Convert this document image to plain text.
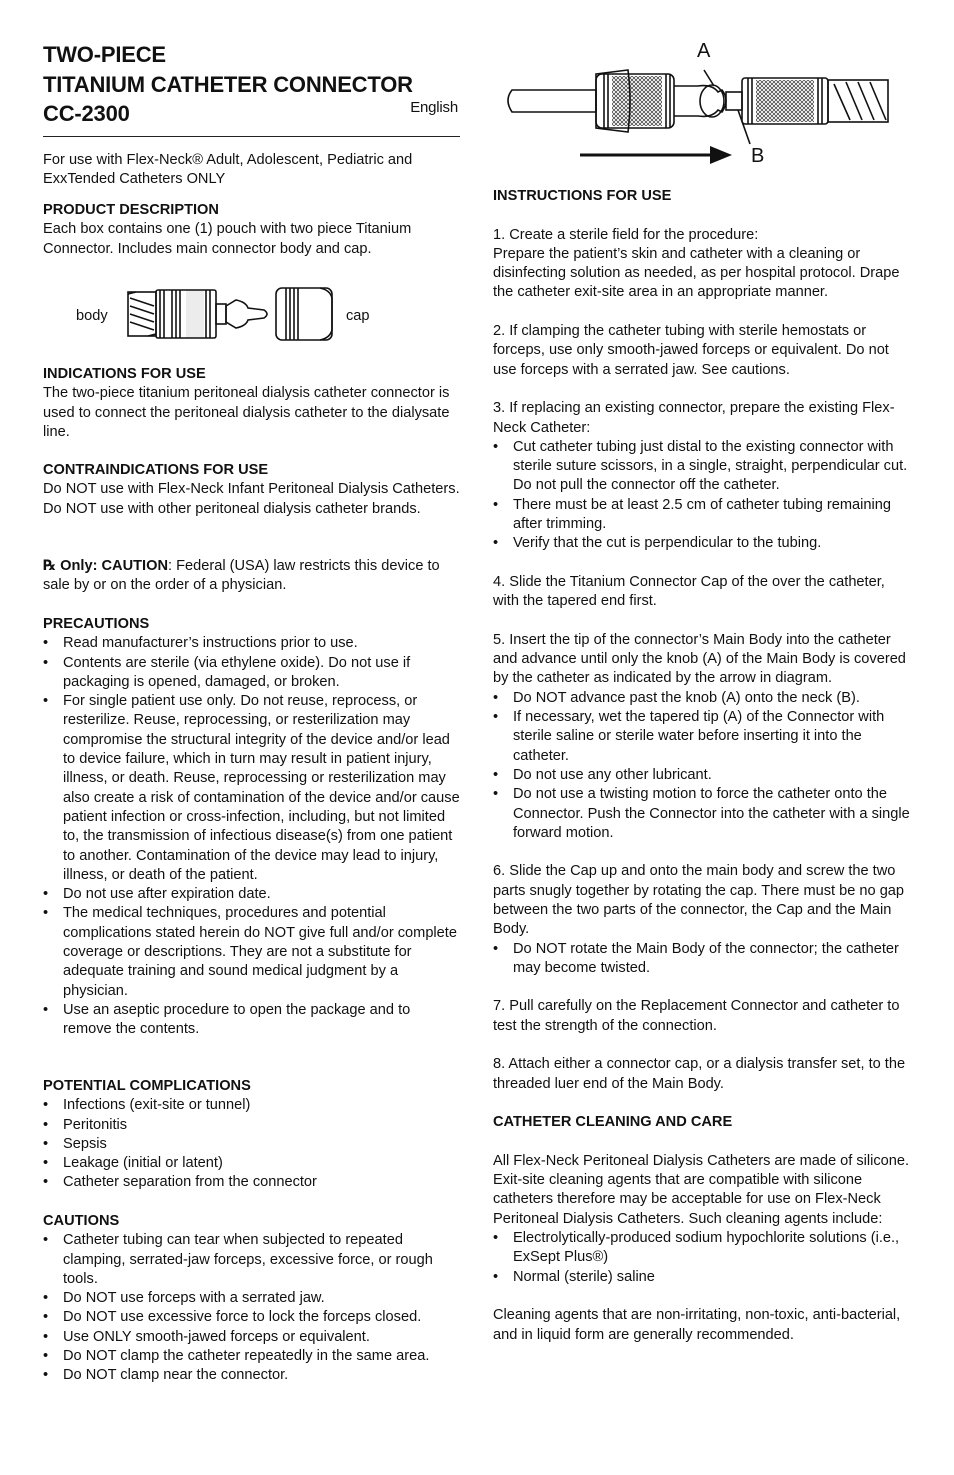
TWO-PIECE
TITANIUM CATHETER CONNECTOR
CC-2300	English
For use with Flex-Neck® Adult, Adolescent, Pediatric and ExxTended Catheters ONLY

PRODUCT DESCRIPTION

Each box contains one (1) pouch with two piece Titanium Connector. Includes main connector body and cap.

body	cap

INDICATIONS FOR USE

The two-piece titanium peritoneal dialysis catheter connector is used to connect the peritoneal dialysis catheter to the dialysate line.

CONTRAINDICATIONS FOR USE

Do NOT use with Flex-Neck Infant Peritoneal Dialysis Catheters. Do NOT use with other peritoneal dialysis catheter brands.

℞ Only: CAUTION: Federal (USA) law restricts this device to sale by or on the order of a physician.

PRECAUTIONS

• Read manufacturer’s instructions prior to use.
• Contents are sterile (via ethylene oxide). Do not use if packaging is opened, damaged, or broken.
• For single patient use only. Do not reuse, reprocess, or resterilize. Reuse, reprocessing, or resterilization may compromise the structural integrity of the device and/or lead to device failure, which in turn may result in patient injury, illness, or death. Reuse, reprocessing or resterilization may also create a risk of contamination of the device and/or cause patient infection or cross-infection, including, but not limited to, the transmission of infectious disease(s) from one patient to another. Contamination of the device may lead to injury, illness, or death of the patient.
• Do not use after expiration date.
• The medical techniques, procedures and potential complications stated herein do NOT give full and/or complete coverage or descriptions. They are not a substitute for adequate training and sound medical judgment by a physician.
• Use an aseptic procedure to open the package and to remove the contents.

POTENTIAL COMPLICATIONS

• Infections (exit-site or tunnel)
• Peritonitis
• Sepsis
• Leakage (initial or latent)
• Catheter separation from the connector

CAUTIONS

• Catheter tubing can tear when subjected to repeated clamping, serrated-jaw forceps, excessive force, or rough tools.
• Do NOT use forceps with a serrated jaw.
• Do NOT use excessive force to lock the forceps closed.
• Use ONLY smooth-jawed forceps or equivalent.
• Do NOT clamp the catheter repeatedly in the same area.
• Do NOT clamp near the connector.
A
B

INSTRUCTIONS FOR USE

1. Create a sterile field for the procedure:

Prepare the patient’s skin and catheter with a cleaning or disinfecting solution as needed, as per hospital protocol. Drape the catheter exit-site area in an appropriate manner.

2. If clamping the catheter tubing with sterile hemostats or forceps, use only smooth-jawed forceps or equivalent. Do not use forceps with a serrated jaw. See cautions.

3. If replacing an existing connector, prepare the existing Flex-Neck Catheter:

• Cut catheter tubing just distal to the existing connector with sterile suture scissors, in a single, straight, perpendicular cut. Do not pull the connector off the catheter.
• There must be at least 2.5 cm of catheter tubing remaining after trimming.
• Verify that the cut is perpendicular to the tubing.

4. Slide the Titanium Connector Cap of the over the catheter, with the tapered end first.

5. Insert the tip of the connector’s Main Body into the catheter and advance until only the knob (A) of the Main Body is covered by the catheter as indicated by the arrow in diagram.

• Do NOT advance past the knob (A) onto the neck (B).
• If necessary, wet the tapered tip (A) of the Connector with sterile saline or sterile water before inserting it into the catheter.
• Do not use any other lubricant.
• Do not use a twisting motion to force the catheter onto the Connector. Push the Connector into the catheter with a single forward motion.

6. Slide the Cap up and onto the main body and screw the two parts snugly together by rotating the cap. There must be no gap between the two parts of the connector, the Cap and the Main Body.

• Do NOT rotate the Main Body of the connector; the catheter may become twisted.

7. Pull carefully on the Replacement Connector and catheter to test the strength of the connection.

8. Attach either a connector cap, or a dialysis transfer set, to the threaded luer end of the Main Body.

CATHETER CLEANING AND CARE

All Flex-Neck Peritoneal Dialysis Catheters are made of silicone. Exit-site cleaning agents that are compatible with silicone catheters therefore may be acceptable for use on Flex-Neck Peritoneal Dialysis Catheters. Such cleaning agents include:

• Electrolytically-produced sodium hypochlorite solutions (i.e., ExSept Plus®)
• Normal (sterile) saline

Cleaning agents that are non-irritating, non-toxic, anti-bacterial, and in liquid form are generally recommended.
